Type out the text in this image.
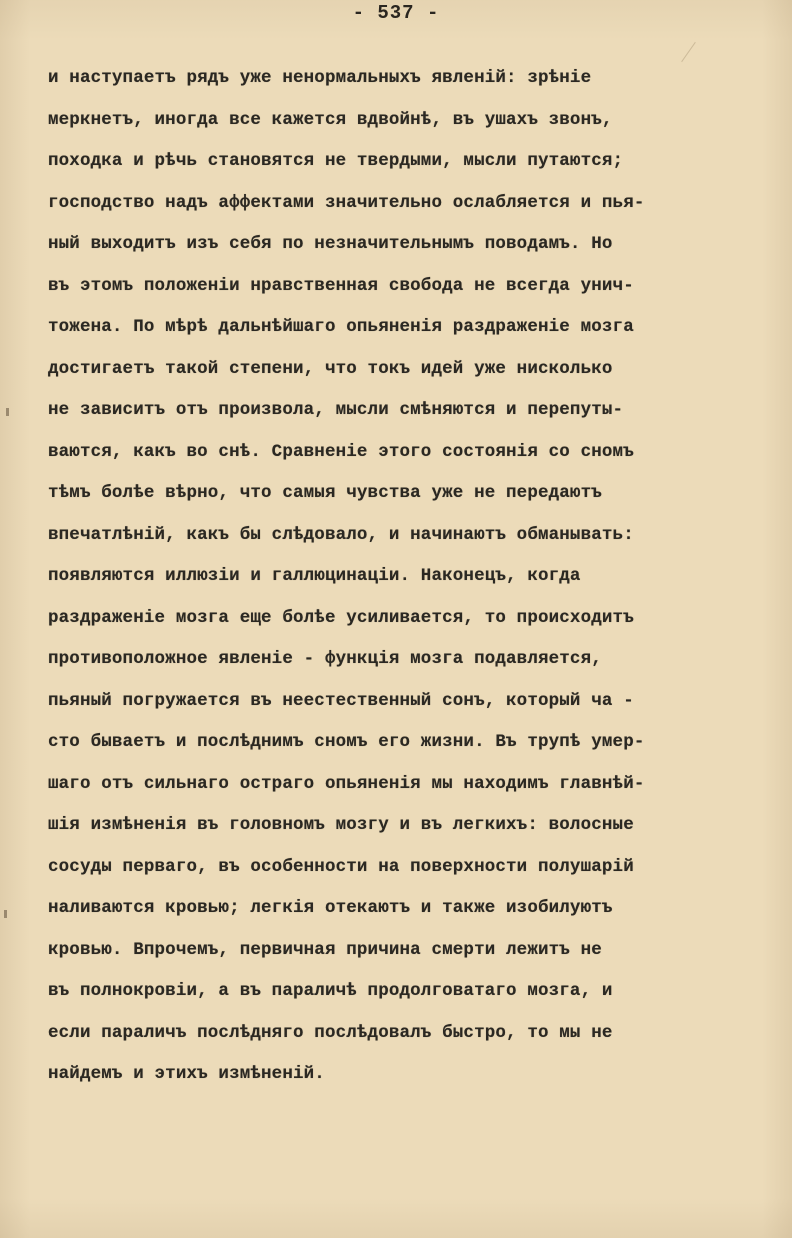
- 537 -
и наступаетъ рядъ уже ненормальныхъ явленiй: зрѣнiе
меркнетъ, иногда все кажется вдвойнѣ, въ ушахъ звонъ,
походка и рѣчь становятся не твердыми, мысли путаются;
господство надъ аффектами значительно ослабляется и пья-
ный выходитъ изъ себя по незначительнымъ поводамъ. Но
въ этомъ положенiи нравственная свобода не всегда унич-
тожена. По мѣрѣ дальнѣйшаго опьяненiя раздраженiе мозга
достигаетъ такой степени, что токъ идей уже нисколько
не зависитъ отъ произвола, мысли смѣняются и перепуты-
ваются, какъ во снѣ. Сравненiе этого состоянiя со сномъ
тѣмъ болѣе вѣрно, что самыя чувства уже не передаютъ
впечатлѣнiй, какъ бы слѣдовало, и начинаютъ обманывать:
появляются иллюзiи и галлюцинацiи. Наконецъ, когда
раздраженiе мозга еще болѣе усиливается, то происходитъ
противоположное явленiе - функцiя мозга подавляется,
пьяный погружается въ неестественный сонъ, который ча -
сто бываетъ и послѣднимъ сномъ его жизни. Въ трупѣ умер-
шаго отъ сильнаго остраго опьяненiя мы находимъ главнѣй-
шiя измѣненiя въ головномъ мозгу и въ легкихъ: волосные
сосуды перваго, въ особенности на поверхности полушарiй
наливаются кровью; легкiя отекаютъ и также изобилуютъ
кровью. Впрочемъ, первичная причина смерти лежитъ не
въ полнокровiи, а въ параличѣ продолговатаго мозга, и
если параличъ послѣдняго послѣдовалъ быстро, то мы не
найдемъ и этихъ измѣненiй.
